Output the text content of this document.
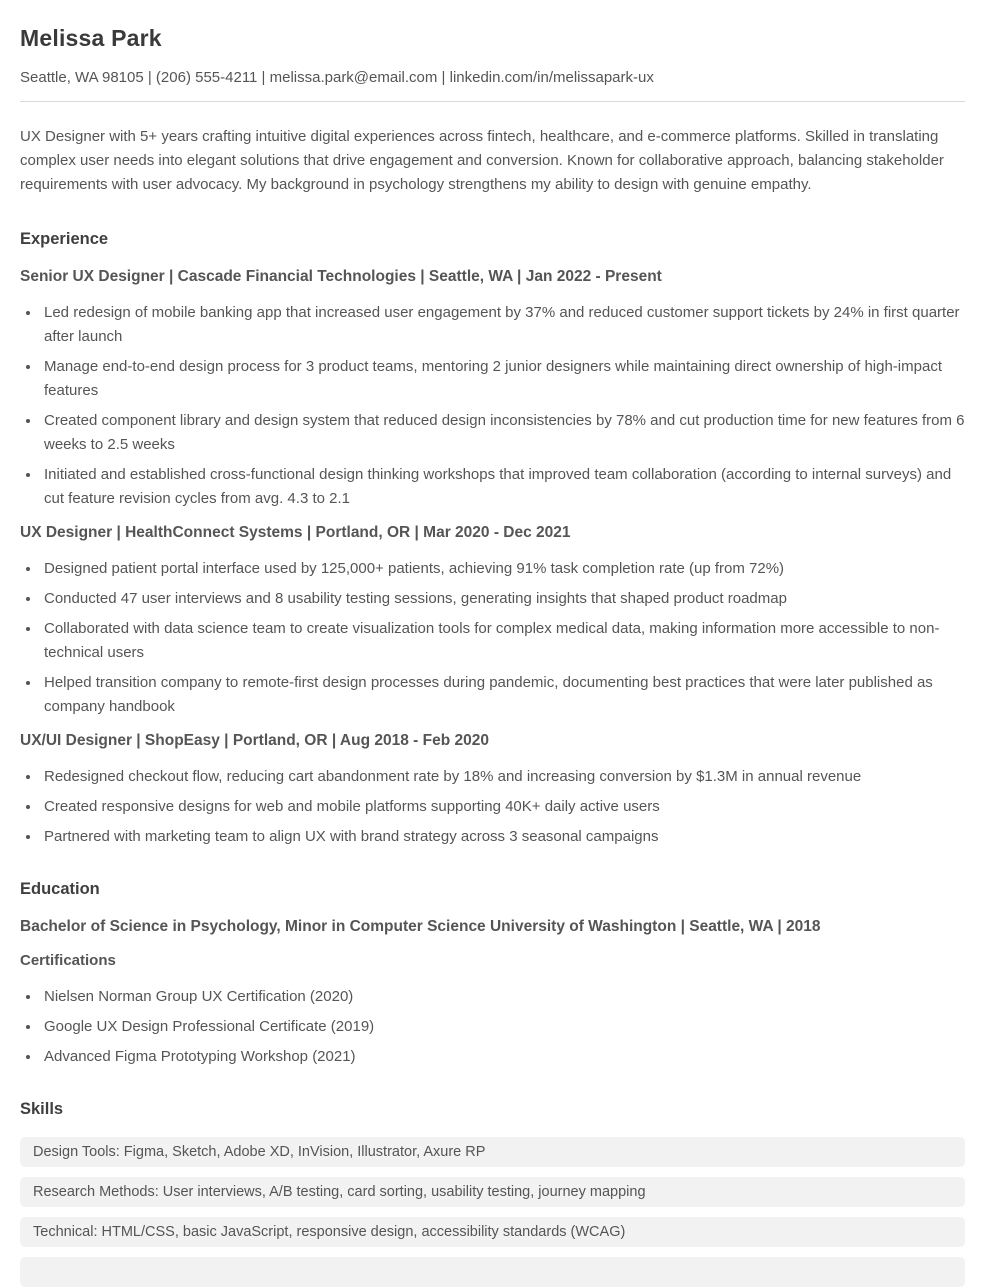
Melissa Park

Seattle, WA 98105 | (206) 555-4211 | melissa.park@email.com | linkedin.com/in/melissapark-ux

UX Designer with 5+ years crafting intuitive digital experiences across fintech, healthcare, and e-commerce platforms. Skilled in translating complex user needs into elegant solutions that drive engagement and conversion. Known for collaborative approach, balancing stakeholder requirements with user advocacy. My background in psychology strengthens my ability to design with genuine empathy.

Experience
Senior UX Designer | Cascade Financial Technologies | Seattle, WA | Jan 2022 - Present
• Led redesign of mobile banking app that increased user engagement by 37% and reduced customer support tickets by 24% in first quarter after launch
• Manage end-to-end design process for 3 product teams, mentoring 2 junior designers while maintaining direct ownership of high-impact features
• Created component library and design system that reduced design inconsistencies by 78% and cut production time for new features from 6 weeks to 2.5 weeks
• Initiated and established cross-functional design thinking workshops that improved team collaboration (according to internal surveys) and cut feature revision cycles from avg. 4.3 to 2.1
UX Designer | HealthConnect Systems | Portland, OR | Mar 2020 - Dec 2021
• Designed patient portal interface used by 125,000+ patients, achieving 91% task completion rate (up from 72%)
• Conducted 47 user interviews and 8 usability testing sessions, generating insights that shaped product roadmap
• Collaborated with data science team to create visualization tools for complex medical data, making information more accessible to non-technical users
• Helped transition company to remote-first design processes during pandemic, documenting best practices that were later published as company handbook
UX/UI Designer | ShopEasy | Portland, OR | Aug 2018 - Feb 2020
• Redesigned checkout flow, reducing cart abandonment rate by 18% and increasing conversion by $1.3M in annual revenue
• Created responsive designs for web and mobile platforms supporting 40K+ daily active users
• Partnered with marketing team to align UX with brand strategy across 3 seasonal campaigns
Education
Bachelor of Science in Psychology, Minor in Computer Science University of Washington | Seattle, WA | 2018
Certifications
• Nielsen Norman Group UX Certification (2020)
• Google UX Design Professional Certificate (2019)
• Advanced Figma Prototyping Workshop (2021)
Skills
Design Tools: Figma, Sketch, Adobe XD, InVision, Illustrator, Axure RP
Research Methods: User interviews, A/B testing, card sorting, usability testing, journey mapping
Technical: HTML/CSS, basic JavaScript, responsive design, accessibility standards (WCAG)
